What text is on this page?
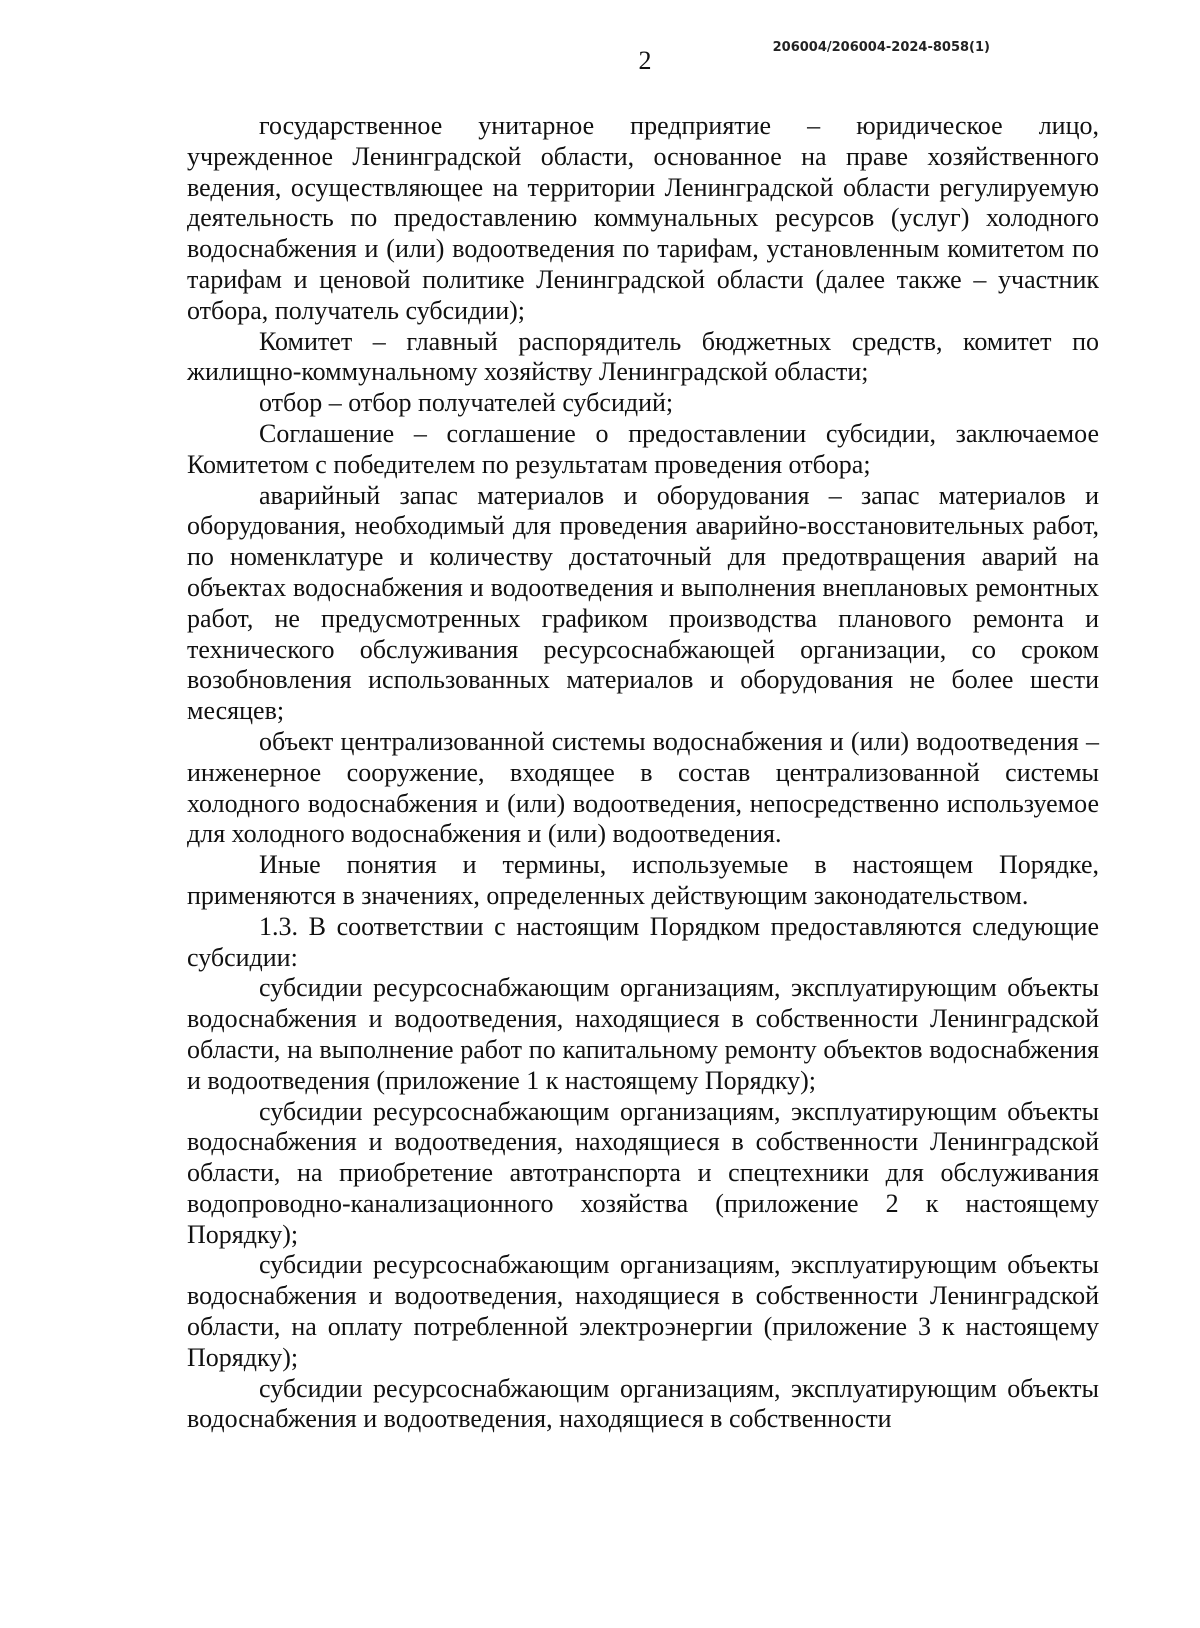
2	206004/206004-2024-8058(1)

государственное унитарное предприятие – юридическое лицо, учрежденное Ленинградской области, основанное на праве хозяйственного ведения, осуществляющее на территории Ленинградской области регулируемую деятельность по предоставлению коммунальных ресурсов (услуг) холодного водоснабжения и (или) водоотведения по тарифам, установленным комитетом по тарифам и ценовой политике Ленинградской области (далее также – участник отбора, получатель субсидии);

Комитет – главный распорядитель бюджетных средств, комитет по жилищно-коммунальному хозяйству Ленинградской области;

отбор – отбор получателей субсидий;

Соглашение – соглашение о предоставлении субсидии, заключаемое Комитетом с победителем по результатам проведения отбора;

аварийный запас материалов и оборудования – запас материалов и оборудования, необходимый для проведения аварийно-восстановительных работ, по номенклатуре и количеству достаточный для предотвращения аварий на объектах водоснабжения и водоотведения и выполнения внеплановых ремонтных работ, не предусмотренных графиком производства планового ремонта и технического обслуживания ресурсоснабжающей организации, со сроком возобновления использованных материалов и оборудования не более шести месяцев;

объект централизованной системы водоснабжения и (или) водоотведения – инженерное сооружение, входящее в состав централизованной системы холодного водоснабжения и (или) водоотведения, непосредственно используемое для холодного водоснабжения и (или) водоотведения.

Иные понятия и термины, используемые в настоящем Порядке, применяются в значениях, определенных действующим законодательством.

1.3. В соответствии с настоящим Порядком предоставляются следующие субсидии:

субсидии ресурсоснабжающим организациям, эксплуатирующим объекты водоснабжения и водоотведения, находящиеся в собственности Ленинградской области, на выполнение работ по капитальному ремонту объектов водоснабжения и водоотведения (приложение 1 к настоящему Порядку);

субсидии ресурсоснабжающим организациям, эксплуатирующим объекты водоснабжения и водоотведения, находящиеся в собственности Ленинградской области, на приобретение автотранспорта и спецтехники для обслуживания водопроводно-канализационного хозяйства (приложение 2 к настоящему Порядку);

субсидии ресурсоснабжающим организациям, эксплуатирующим объекты водоснабжения и водоотведения, находящиеся в собственности Ленинградской области, на оплату потребленной электроэнергии (приложение 3 к настоящему Порядку);

субсидии ресурсоснабжающим организациям, эксплуатирующим объекты водоснабжения и водоотведения, находящиеся в собственности
